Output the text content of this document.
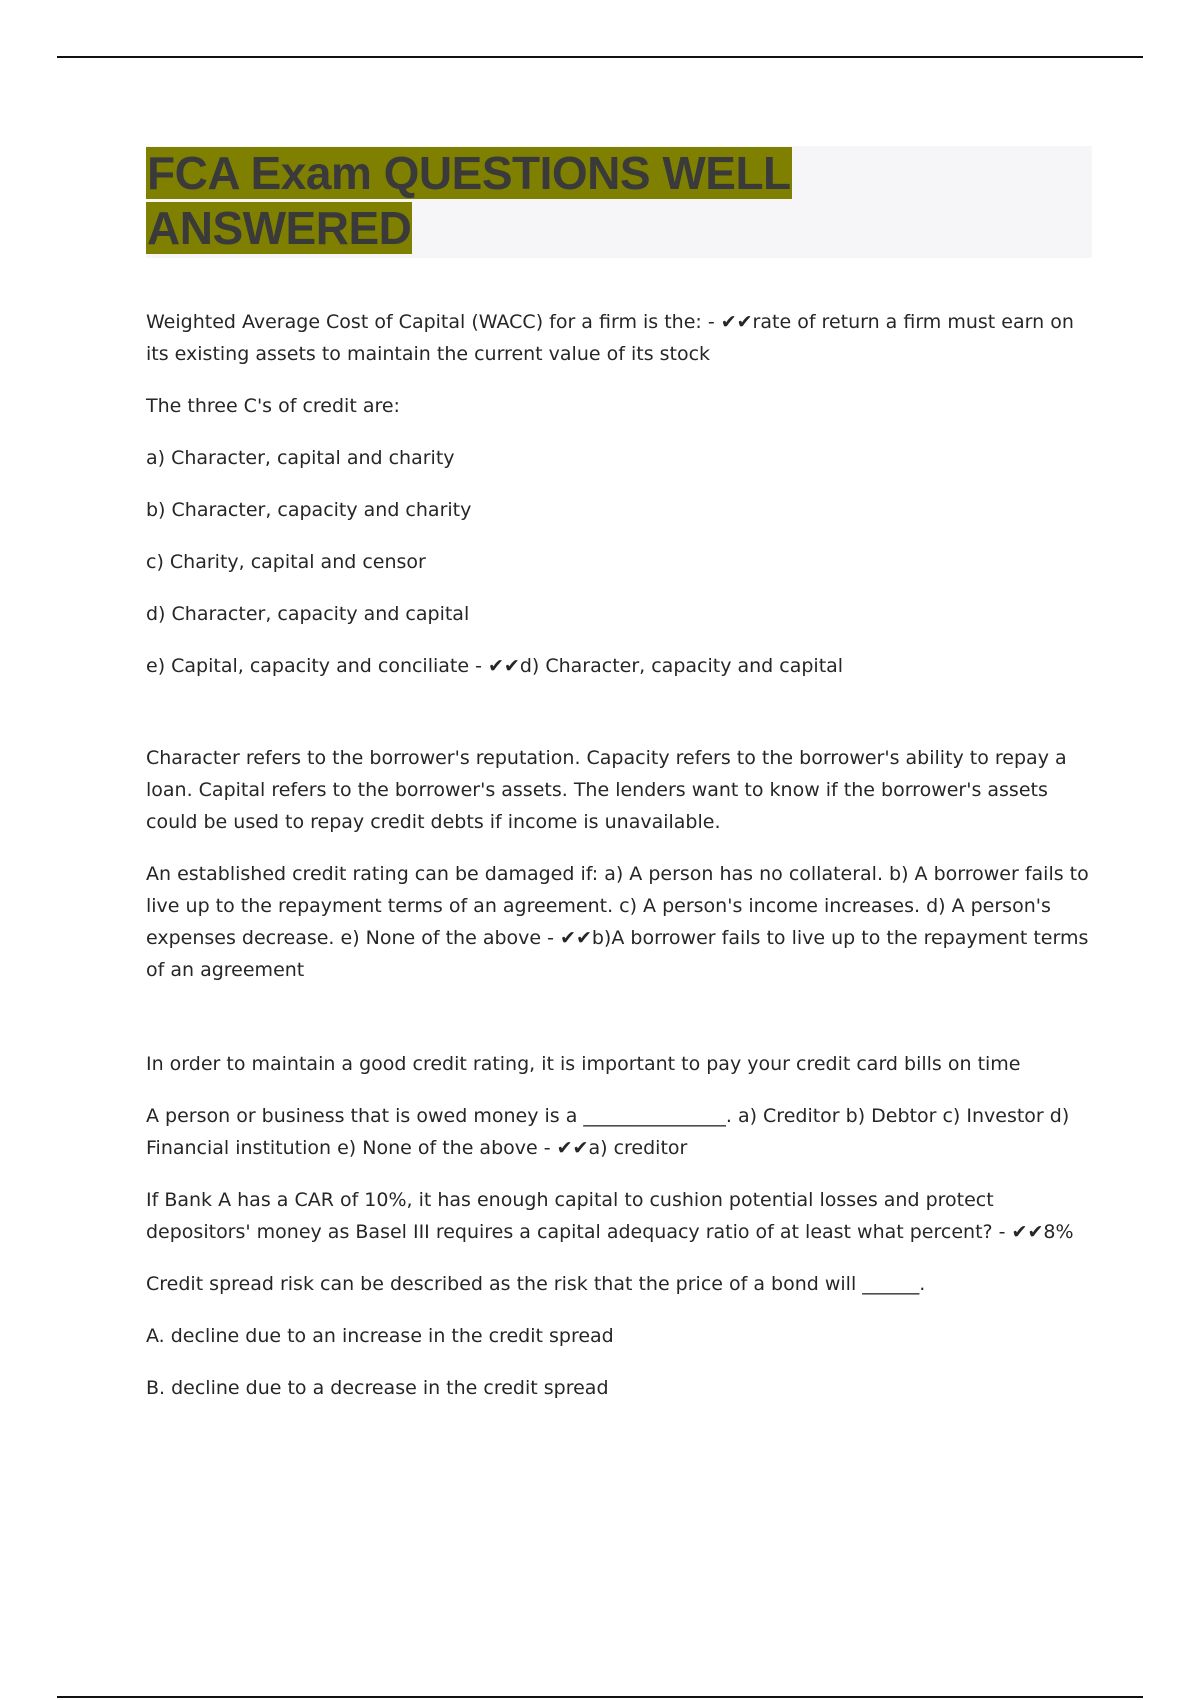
FCA Exam QUESTIONS WELL
ANSWERED

Weighted Average Cost of Capital (WACC) for a firm is the: - ✔✔rate of return a firm must earn on its existing assets to maintain the current value of its stock

The three C's of credit are:

a) Character, capital and charity

b) Character, capacity and charity

c) Charity, capital and censor

d) Character, capacity and capital

e) Capital, capacity and conciliate - ✔✔d) Character, capacity and capital

Character refers to the borrower's reputation. Capacity refers to the borrower's ability to repay a loan. Capital refers to the borrower's assets. The lenders want to know if the borrower's assets could be used to repay credit debts if income is unavailable.

An established credit rating can be damaged if: a) A person has no collateral. b) A borrower fails to live up to the repayment terms of an agreement. c) A person's income increases. d) A person's expenses decrease. e) None of the above - ✔✔b)A borrower fails to live up to the repayment terms of an agreement

In order to maintain a good credit rating, it is important to pay your credit card bills on time

A person or business that is owed money is a _______________. a) Creditor b) Debtor c) Investor d) Financial institution e) None of the above - ✔✔a) creditor

If Bank A has a CAR of 10%, it has enough capital to cushion potential losses and protect depositors' money as Basel III requires a capital adequacy ratio of at least what percent? - ✔✔8%

Credit spread risk can be described as the risk that the price of a bond will ______.

A. decline due to an increase in the credit spread

B. decline due to a decrease in the credit spread
